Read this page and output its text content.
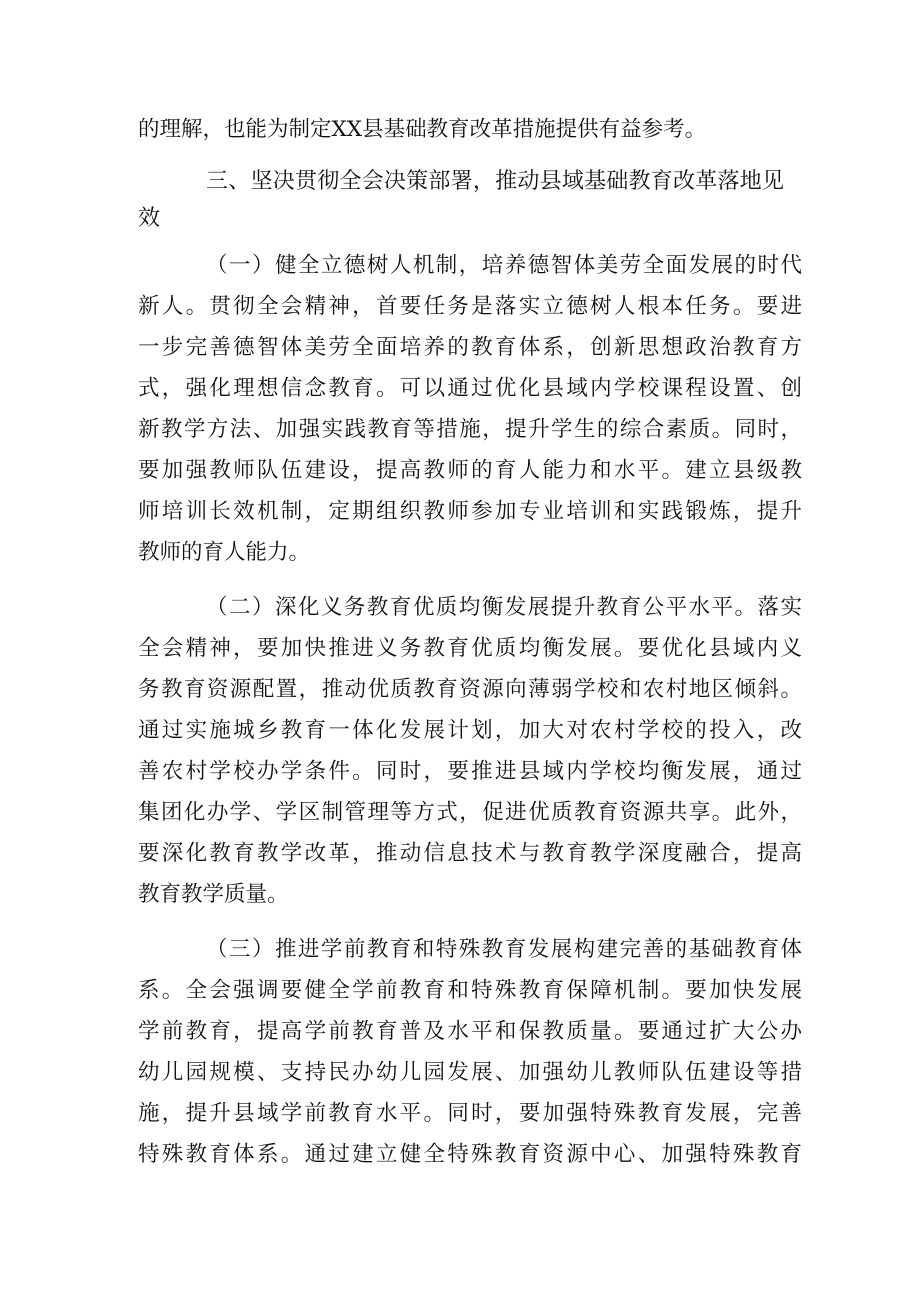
的理解，也能为制定XX县基础教育改革措施提供有益参考。
三、坚决贯彻全会决策部署，推动县域基础教育改革落地见
效
（一）健全立德树人机制，培养德智体美劳全面发展的时代
新人。贯彻全会精神，首要任务是落实立德树人根本任务。要进
一步完善德智体美劳全面培养的教育体系，创新思想政治教育方
式，强化理想信念教育。可以通过优化县域内学校课程设置、创
新教学方法、加强实践教育等措施，提升学生的综合素质。同时，
要加强教师队伍建设，提高教师的育人能力和水平。建立县级教
师培训长效机制，定期组织教师参加专业培训和实践锻炼，提升
教师的育人能力。
（二）深化义务教育优质均衡发展提升教育公平水平。落实
全会精神，要加快推进义务教育优质均衡发展。要优化县域内义
务教育资源配置，推动优质教育资源向薄弱学校和农村地区倾斜。
通过实施城乡教育一体化发展计划，加大对农村学校的投入，改
善农村学校办学条件。同时，要推进县域内学校均衡发展，通过
集团化办学、学区制管理等方式，促进优质教育资源共享。此外，
要深化教育教学改革，推动信息技术与教育教学深度融合，提高
教育教学质量。
（三）推进学前教育和特殊教育发展构建完善的基础教育体
系。全会强调要健全学前教育和特殊教育保障机制。要加快发展
学前教育，提高学前教育普及水平和保教质量。要通过扩大公办
幼儿园规模、支持民办幼儿园发展、加强幼儿教师队伍建设等措
施，提升县域学前教育水平。同时，要加强特殊教育发展，完善
特殊教育体系。通过建立健全特殊教育资源中心、加强特殊教育
